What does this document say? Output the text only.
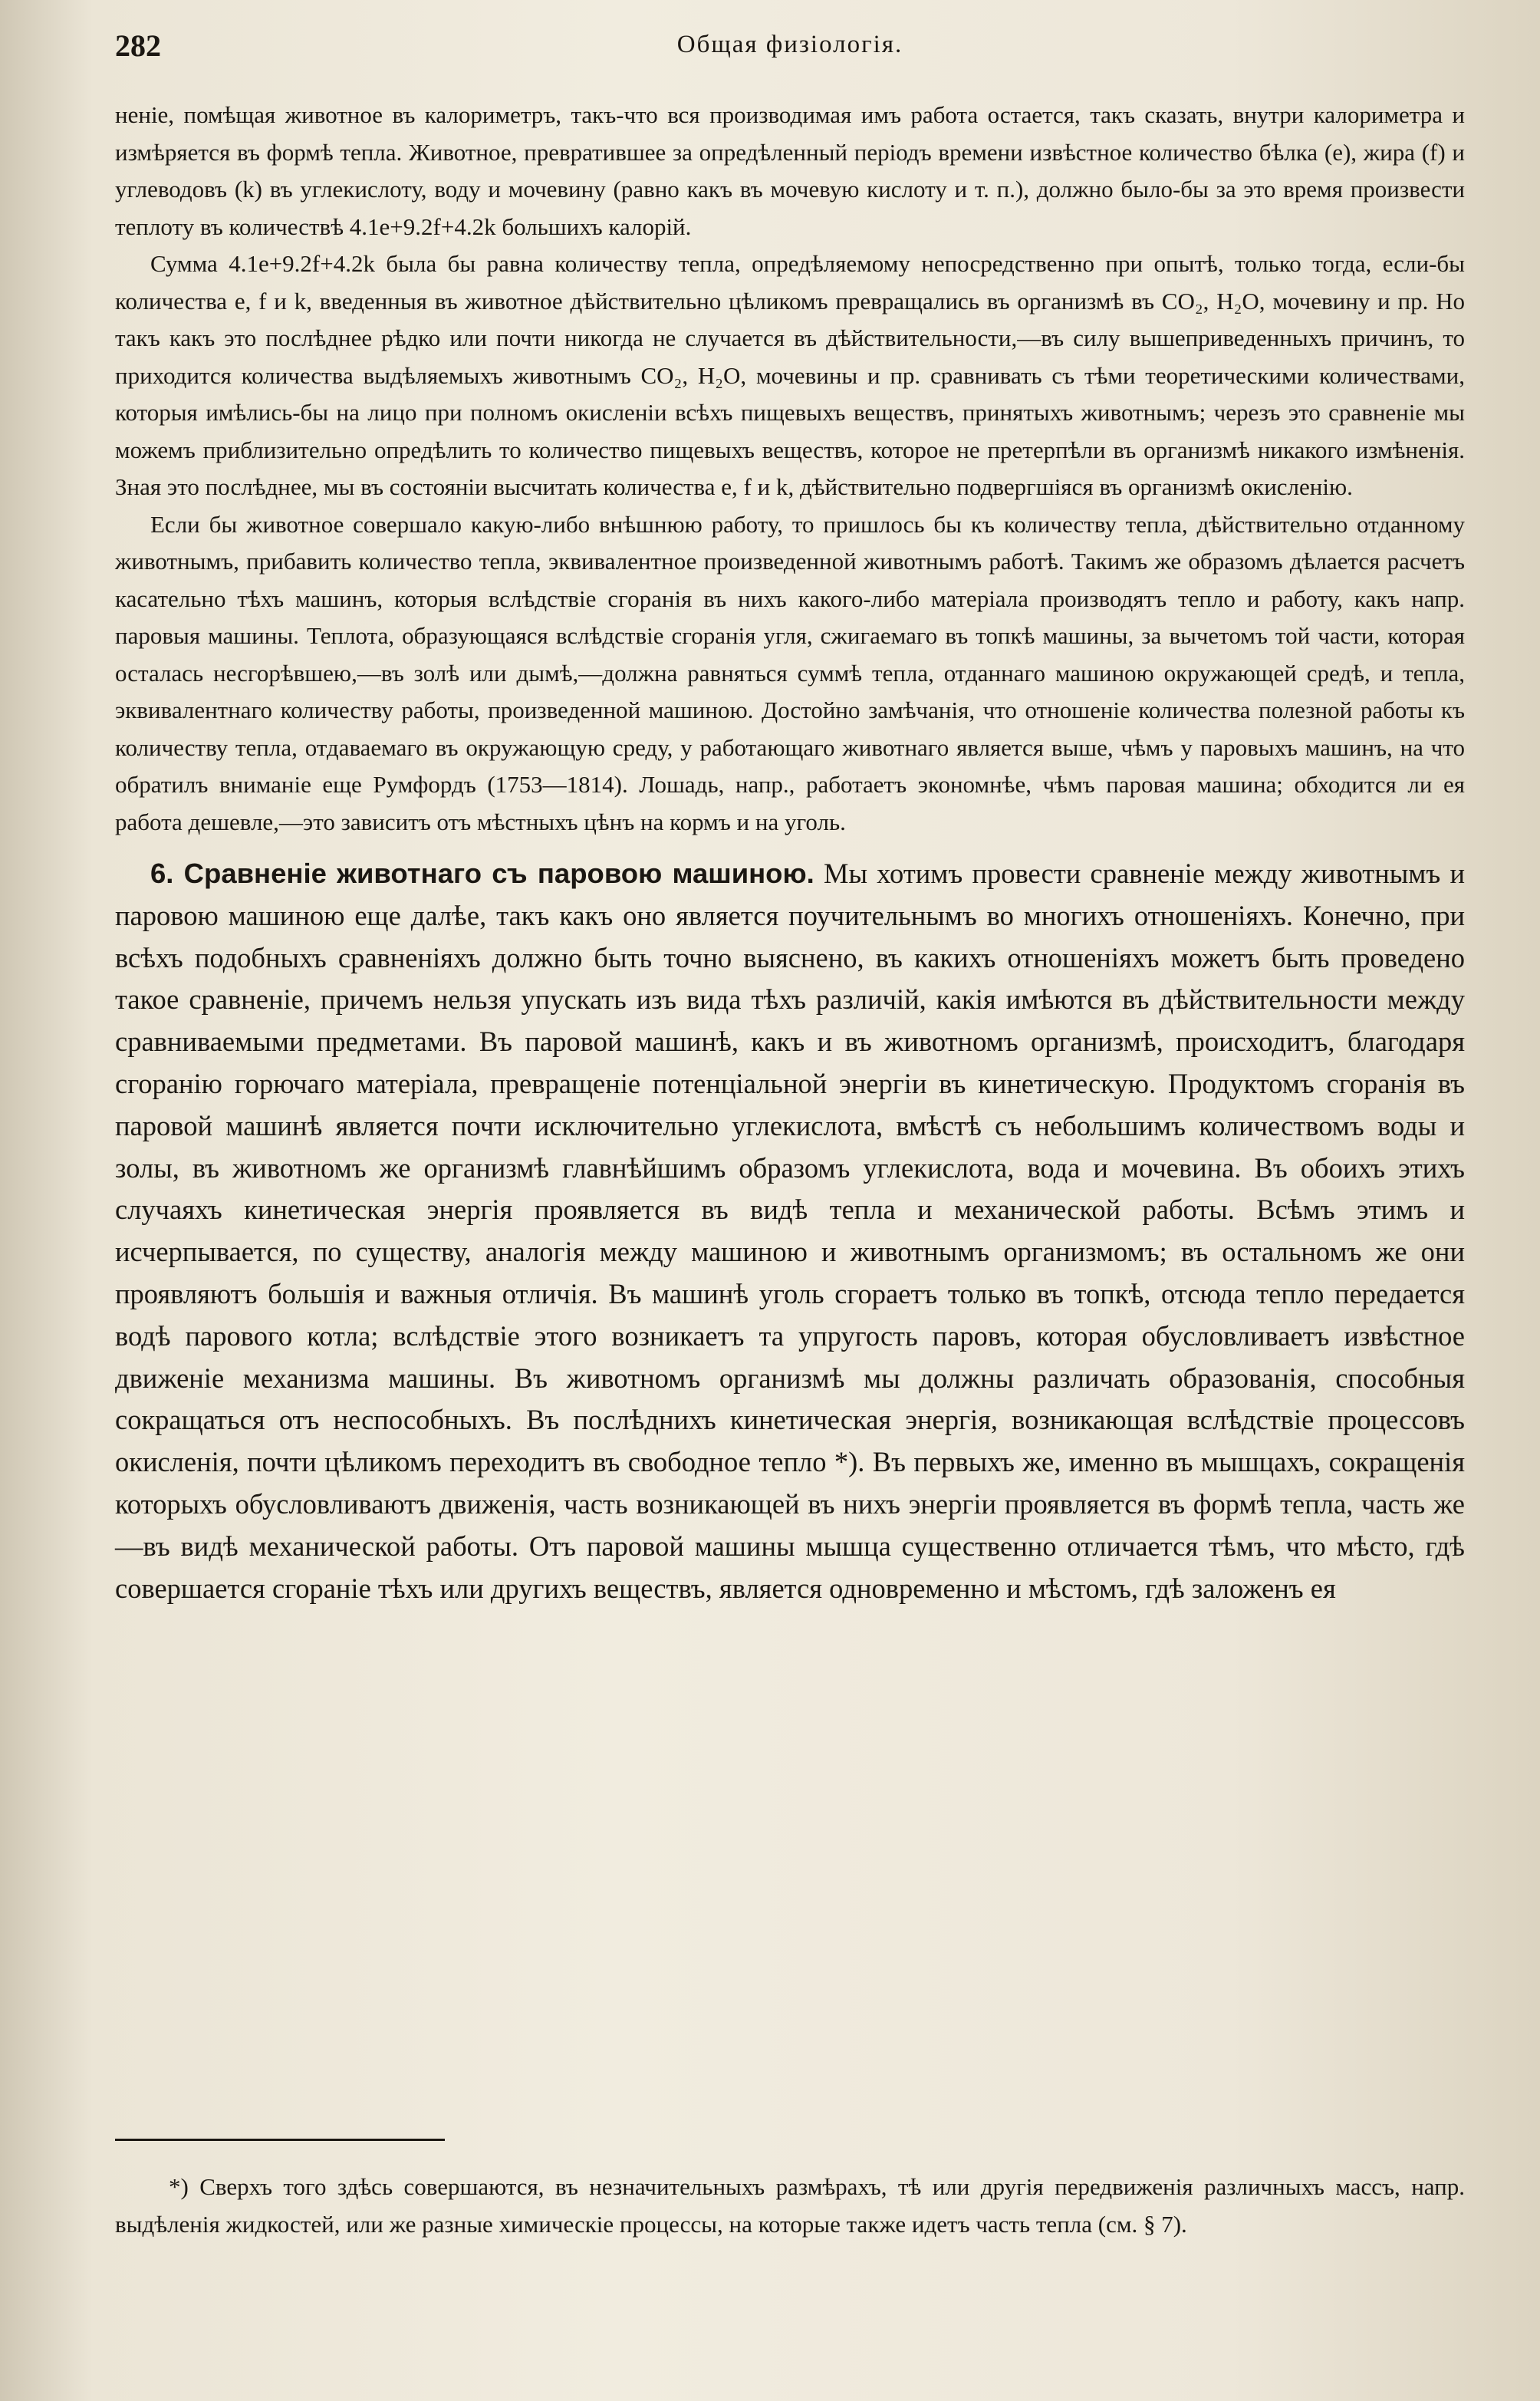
282	Общая физіологія.

неніе, помѣщая животное въ калориметръ, такъ-что вся производимая имъ работа остается, такъ сказать, внутри калориметра и измѣряется въ формѣ тепла. Животное, превратившее за опредѣленный періодъ времени извѣстное количество бѣлка (e), жира (f) и углеводовъ (k) въ углекислоту, воду и мочевину (равно какъ въ мочевую кислоту и т. п.), должно было-бы за это время произвести теплоту въ количествѣ 4.1e+9.2f+4.2k большихъ калорій.

Сумма 4.1e+9.2f+4.2k была бы равна количеству тепла, опредѣляемому непосредственно при опытѣ, только тогда, если-бы количества e, f и k, введенныя въ животное дѣйствительно цѣликомъ превращались въ организмѣ въ CO₂, H₂O, мочевину и пр. Но такъ какъ это послѣднее рѣдко или почти никогда не случается въ дѣйствительности,—въ силу вышеприведенныхъ причинъ, то приходится количества выдѣляемыхъ животнымъ CO₂, H₂O, мочевины и пр. сравнивать съ тѣми теоретическими количествами, которыя имѣлись-бы на лицо при полномъ окисленіи всѣхъ пищевыхъ веществъ, принятыхъ животнымъ; черезъ это сравненіе мы можемъ приблизительно опредѣлить то количество пищевыхъ веществъ, которое не претерпѣли въ организмѣ никакого измѣненія. Зная это послѣднее, мы въ состояніи высчитать количества e, f и k, дѣйствительно подвергшіяся въ организмѣ окисленію.

Если бы животное совершало какую-либо внѣшнюю работу, то пришлось бы къ количеству тепла, дѣйствительно отданному животнымъ, прибавить количество тепла, эквивалентное произведенной животнымъ работѣ. Такимъ же образомъ дѣлается расчетъ касательно тѣхъ машинъ, которыя вслѣдствіе сгоранія въ нихъ какого-либо матеріала производятъ тепло и работу, какъ напр. паровыя машины. Теплота, образующаяся вслѣдствіе сгоранія угля, сжигаемаго въ топкѣ машины, за вычетомъ той части, которая осталась несгорѣвшею,—въ золѣ или дымѣ,—должна равняться суммѣ тепла, отданнаго машиною окружающей средѣ, и тепла, эквивалентнаго количеству работы, произведенной машиною. Достойно замѣчанія, что отношеніе количества полезной работы къ количеству тепла, отдаваемаго въ окружающую среду, у работающаго животнаго является выше, чѣмъ у паровыхъ машинъ, на что обратилъ вниманіе еще Румфордъ (1753—1814). Лошадь, напр., работаетъ экономнѣе, чѣмъ паровая машина; обходится ли ея работа дешевле,—это зависитъ отъ мѣстныхъ цѣнъ на кормъ и на уголь.

6. Сравненіе животнаго съ паровою машиною. Мы хотимъ провести сравненіе между животнымъ и паровою машиною еще далѣе, такъ какъ оно является поучительнымъ во многихъ отношеніяхъ. Конечно, при всѣхъ подобныхъ сравненіяхъ должно быть точно выяснено, въ какихъ отношеніяхъ можетъ быть проведено такое сравненіе, причемъ нельзя упускать изъ вида тѣхъ различій, какія имѣются въ дѣйствительности между сравниваемыми предметами. Въ паровой машинѣ, какъ и въ животномъ организмѣ, происходитъ, благодаря сгоранію горючаго матеріала, превращеніе потенціальной энергіи въ кинетическую. Продуктомъ сгоранія въ паровой машинѣ является почти исключительно углекислота, вмѣстѣ съ небольшимъ количествомъ воды и золы, въ животномъ же организмѣ главнѣйшимъ образомъ углекислота, вода и мочевина. Въ обоихъ этихъ случаяхъ кинетическая энергія проявляется въ видѣ тепла и механической работы. Всѣмъ этимъ и исчерпывается, по существу, аналогія между машиною и животнымъ организмомъ; въ остальномъ же они проявляютъ большія и важныя отличія. Въ машинѣ уголь сгораетъ только въ топкѣ, отсюда тепло передается водѣ парового котла; вслѣдствіе этого возникаетъ та упругость паровъ, которая обусловливаетъ извѣстное движеніе механизма машины. Въ животномъ организмѣ мы должны различать образованія, способныя сокращаться отъ неспособныхъ. Въ послѣднихъ кинетическая энергія, возникающая вслѣдствіе процессовъ окисленія, почти цѣликомъ переходитъ въ свободное тепло *). Въ первыхъ же, именно въ мышцахъ, сокращенія которыхъ обусловливаютъ движенія, часть возникающей въ нихъ энергіи проявляется въ формѣ тепла, часть же—въ видѣ механической работы. Отъ паровой машины мышца существенно отличается тѣмъ, что мѣсто, гдѣ совершается сгораніе тѣхъ или другихъ веществъ, является одновременно и мѣстомъ, гдѣ заложенъ ея

*) Сверхъ того здѣсь совершаются, въ незначительныхъ размѣрахъ, тѣ или другія передвиженія различныхъ массъ, напр. выдѣленія жидкостей, или же разные химическіе процессы, на которые также идетъ часть тепла (см. § 7).
